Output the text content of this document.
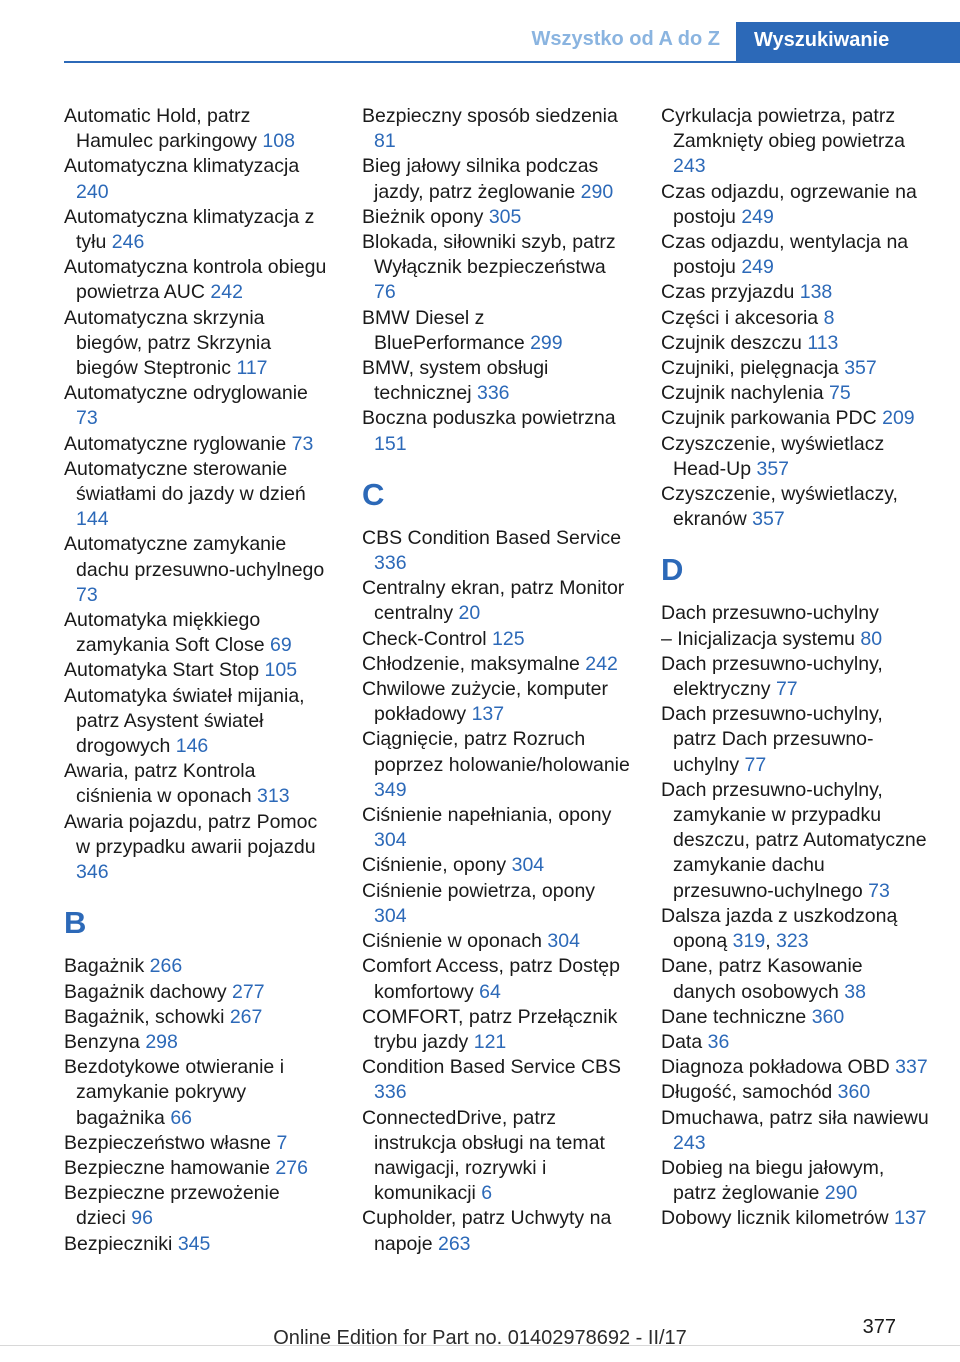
Wszystko od A do Z	Wyszukiwanie
Automatic Hold, patrz Hamulec parkingowy 108
Automatyczna klimatyzacja 240
Automatyczna klimatyzacja z tyłu 246
Automatyczna kontrola obiegu powietrza AUC 242
Automatyczna skrzynia biegów, patrz Skrzynia biegów Steptronic 117
Automatyczne odryglowanie 73
Automatyczne ryglowanie 73
Automatyczne sterowanie światłami do jazdy w dzień 144
Automatyczne zamykanie dachu przesuwno-uchylnego 73
Automatyka miękkiego zamykania Soft Close 69
Automatyka Start Stop 105
Automatyka świateł mijania, patrz Asystent świateł drogowych 146
Awaria, patrz Kontrola ciśnienia w oponach 313
Awaria pojazdu, patrz Pomoc w przypadku awarii pojazdu 346
B
Bagażnik 266
Bagażnik dachowy 277
Bagażnik, schowki 267
Benzyna 298
Bezdotykowe otwieranie i zamykanie pokrywy bagażnika 66
Bezpieczeństwo własne 7
Bezpieczne hamowanie 276
Bezpieczne przewożenie dzieci 96
Bezpieczniki 345
Bezpieczny sposób siedzenia 81
Bieg jałowy silnika podczas jazdy, patrz żeglowanie 290
Bieżnik opony 305
Blokada, siłowniki szyb, patrz Wyłącznik bezpieczeństwa 76
BMW Diesel z BluePerformance 299
BMW, system obsługi technicznej 336
Boczna poduszka powietrzna 151
C
CBS Condition Based Service 336
Centralny ekran, patrz Monitor centralny 20
Check-Control 125
Chłodzenie, maksymalne 242
Chwilowe zużycie, komputer pokładowy 137
Ciągnięcie, patrz Rozruch poprzez holowanie/holowanie 349
Ciśnienie napełniania, opony 304
Ciśnienie, opony 304
Ciśnienie powietrza, opony 304
Ciśnienie w oponach 304
Comfort Access, patrz Dostęp komfortowy 64
COMFORT, patrz Przełącznik trybu jazdy 121
Condition Based Service CBS 336
ConnectedDrive, patrz instrukcja obsługi na temat nawigacji, rozrywki i komunikacji 6
Cupholder, patrz Uchwyty na napoje 263
Cyrkulacja powietrza, patrz Zamknięty obieg powietrza 243
Czas odjazdu, ogrzewanie na postoju 249
Czas odjazdu, wentylacja na postoju 249
Czas przyjazdu 138
Części i akcesoria 8
Czujnik deszczu 113
Czujniki, pielęgnacja 357
Czujnik nachylenia 75
Czujnik parkowania PDC 209
Czyszczenie, wyświetlacz Head-Up 357
Czyszczenie, wyświetlaczy, ekranów 357
D
Dach przesuwno-uchylny
– Inicjalizacja systemu 80
Dach przesuwno-uchylny, elektryczny 77
Dach przesuwno-uchylny, patrz Dach przesuwno-uchylny 77
Dach przesuwno-uchylny, zamykanie w przypadku deszczu, patrz Automatyczne zamykanie dachu przesuwno-uchylnego 73
Dalsza jazda z uszkodzoną oponą 319, 323
Dane, patrz Kasowanie danych osobowych 38
Dane techniczne 360
Data 36
Diagnoza pokładowa OBD 337
Długość, samochód 360
Dmuchawa, patrz siła nawiewu 243
Dobieg na biegu jałowym, patrz żeglowanie 290
Dobowy licznik kilometrów 137
377
Online Edition for Part no. 01402978692 - II/17
